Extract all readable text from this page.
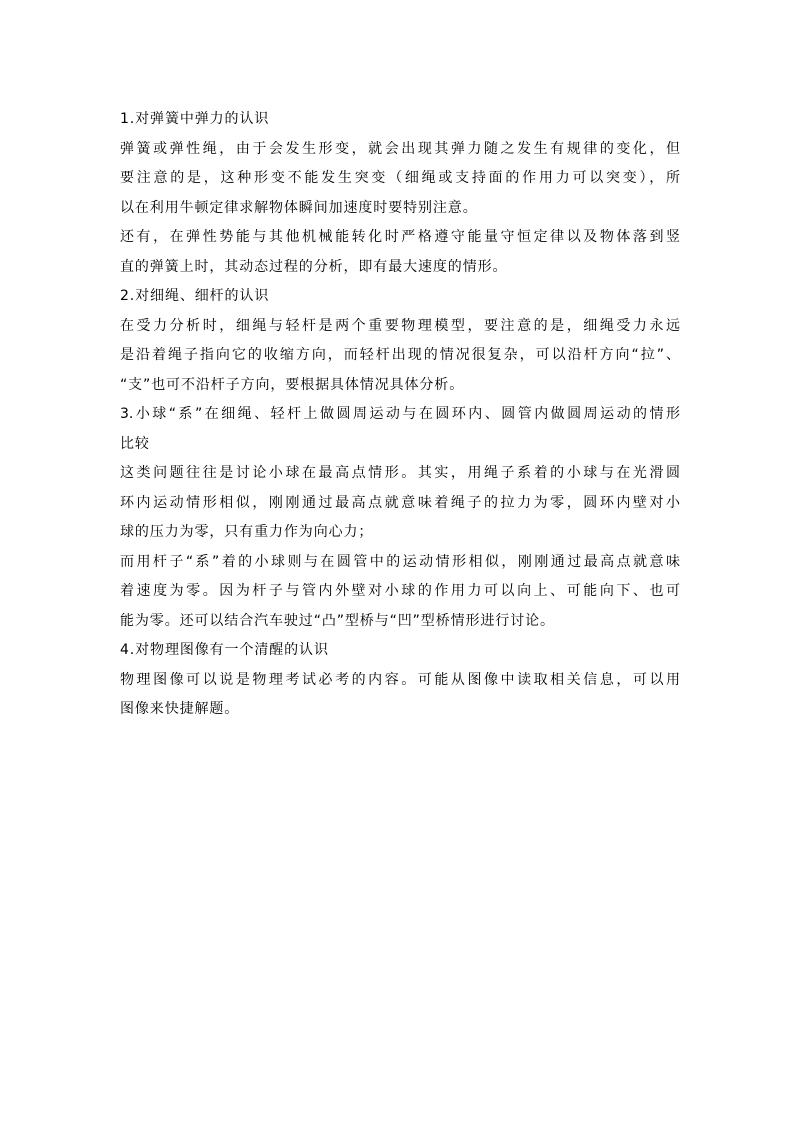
1.对弹簧中弹力的认识
弹簧或弹性绳，由于会发生形变，就会出现其弹力随之发生有规律的变化，但
要注意的是，这种形变不能发生突变（细绳或支持面的作用力可以突变），所
以在利用牛顿定律求解物体瞬间加速度时要特别注意。
还有，在弹性势能与其他机械能转化时严格遵守能量守恒定律以及物体落到竖
直的弹簧上时，其动态过程的分析，即有最大速度的情形。
2.对细绳、细杆的认识
在受力分析时，细绳与轻杆是两个重要物理模型，要注意的是，细绳受力永远
是沿着绳子指向它的收缩方向，而轻杆出现的情况很复杂，可以沿杆方向“拉”、
“支”也可不沿杆子方向，要根据具体情况具体分析。
3.小球“系”在细绳、轻杆上做圆周运动与在圆环内、圆管内做圆周运动的情形
比较
这类问题往往是讨论小球在最高点情形。其实，用绳子系着的小球与在光滑圆
环内运动情形相似，刚刚通过最高点就意味着绳子的拉力为零，圆环内壁对小
球的压力为零，只有重力作为向心力；
而用杆子“系”着的小球则与在圆管中的运动情形相似，刚刚通过最高点就意味
着速度为零。因为杆子与管内外壁对小球的作用力可以向上、可能向下、也可
能为零。还可以结合汽车驶过“凸”型桥与“凹”型桥情形进行讨论。
4.对物理图像有一个清醒的认识
物理图像可以说是物理考试必考的内容。可能从图像中读取相关信息，可以用
图像来快捷解题。
